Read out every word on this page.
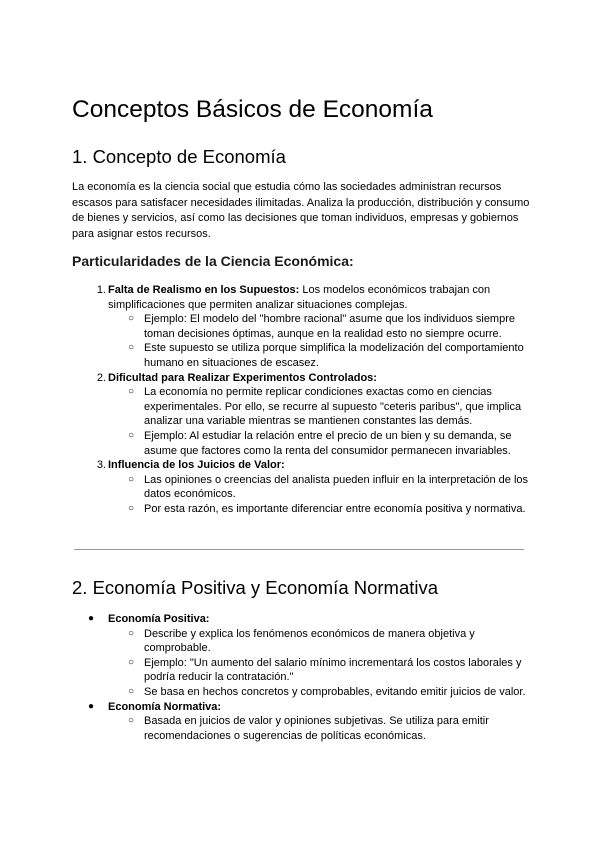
Conceptos Básicos de Economía
1. Concepto de Economía

La economía es la ciencia social que estudia cómo las sociedades administran recursos escasos para satisfacer necesidades ilimitadas. Analiza la producción, distribución y consumo de bienes y servicios, así como las decisiones que toman individuos, empresas y gobiernos para asignar estos recursos.

Particularidades de la Ciencia Económica:
1. Falta de Realismo en los Supuestos: Los modelos económicos trabajan con simplificaciones que permiten analizar situaciones complejas.
○ Ejemplo: El modelo del "hombre racional" asume que los individuos siempre toman decisiones óptimas, aunque en la realidad esto no siempre ocurre.
○ Este supuesto se utiliza porque simplifica la modelización del comportamiento humano en situaciones de escasez.
2. Dificultad para Realizar Experimentos Controlados:
○ La economía no permite replicar condiciones exactas como en ciencias experimentales. Por ello, se recurre al supuesto "ceteris paribus", que implica analizar una variable mientras se mantienen constantes las demás.
○ Ejemplo: Al estudiar la relación entre el precio de un bien y su demanda, se asume que factores como la renta del consumidor permanecen invariables.
3. Influencia de los Juicios de Valor:
○ Las opiniones o creencias del analista pueden influir en la interpretación de los datos económicos.
○ Por esta razón, es importante diferenciar entre economía positiva y normativa.
2. Economía Positiva y Economía Normativa
● Economía Positiva:
○ Describe y explica los fenómenos económicos de manera objetiva y comprobable.
○ Ejemplo: "Un aumento del salario mínimo incrementará los costos laborales y podría reducir la contratación."
○ Se basa en hechos concretos y comprobables, evitando emitir juicios de valor.
● Economía Normativa:
○ Basada en juicios de valor y opiniones subjetivas. Se utiliza para emitir recomendaciones o sugerencias de políticas económicas.
